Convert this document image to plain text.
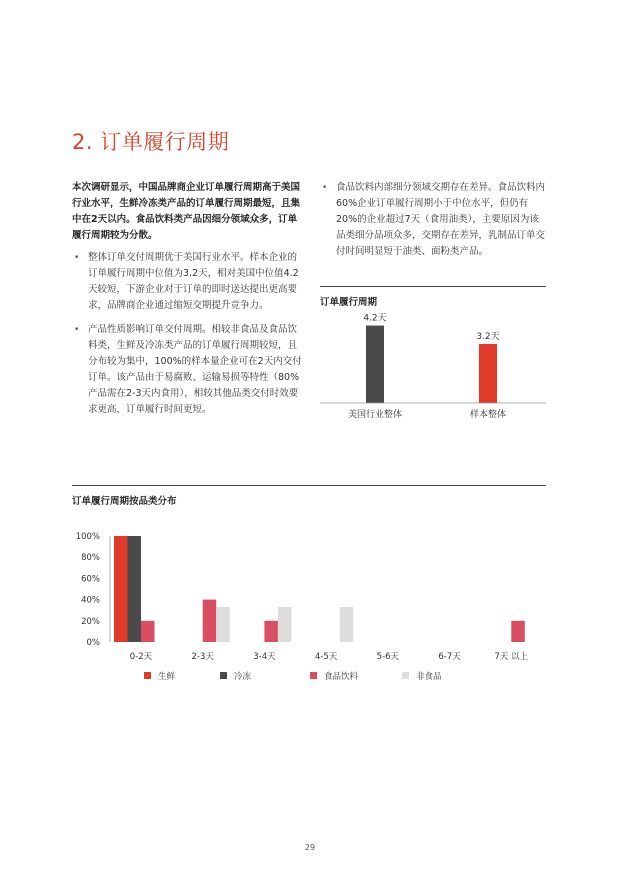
2. 订单履行周期

本次调研显示，中国品牌商企业订单履行周期高于美国行业水平，生鲜冷冻类产品的订单履行周期最短，且集中在2天以内。食品饮料类产品因细分领域众多，订单履行周期较为分散。

• 整体订单交付周期优于美国行业水平。样本企业的订单履行周期中位值为3.2天，相对美国中位值4.2天较短，下游企业对于订单的即时送达提出更高要求，品牌商企业通过缩短交期提升竞争力。
• 产品性质影响订单交付周期。相较非食品及食品饮料类，生鲜及冷冻类产品的订单履行周期较短，且分布较为集中，100%的样本量企业可在2天内交付订单。该产品由于易腐败、运输易损等特性（80%产品需在2-3天内食用），相较其他品类交付时效要求更高，订单履行时间更短。
• 食品饮料内部细分领域交期存在差异。食品饮料内60%企业订单履行周期小于中位水平，但仍有20%的企业超过7天（食用油类），主要原因为该品类细分品项众多，交期存在差异，乳制品订单交付时间明显短于油类、面粉类产品。
订单履行周期
4.2天
美国行业整体
3.2天
样本整体
订单履行周期按品类分布
0%
20%
40%
60%
80%
100%
0-2天	2-3天	3-4天	4-5天	5-6天	6-7天	7天 以上
生鲜	冷冻	食品饮料	非食品
29
